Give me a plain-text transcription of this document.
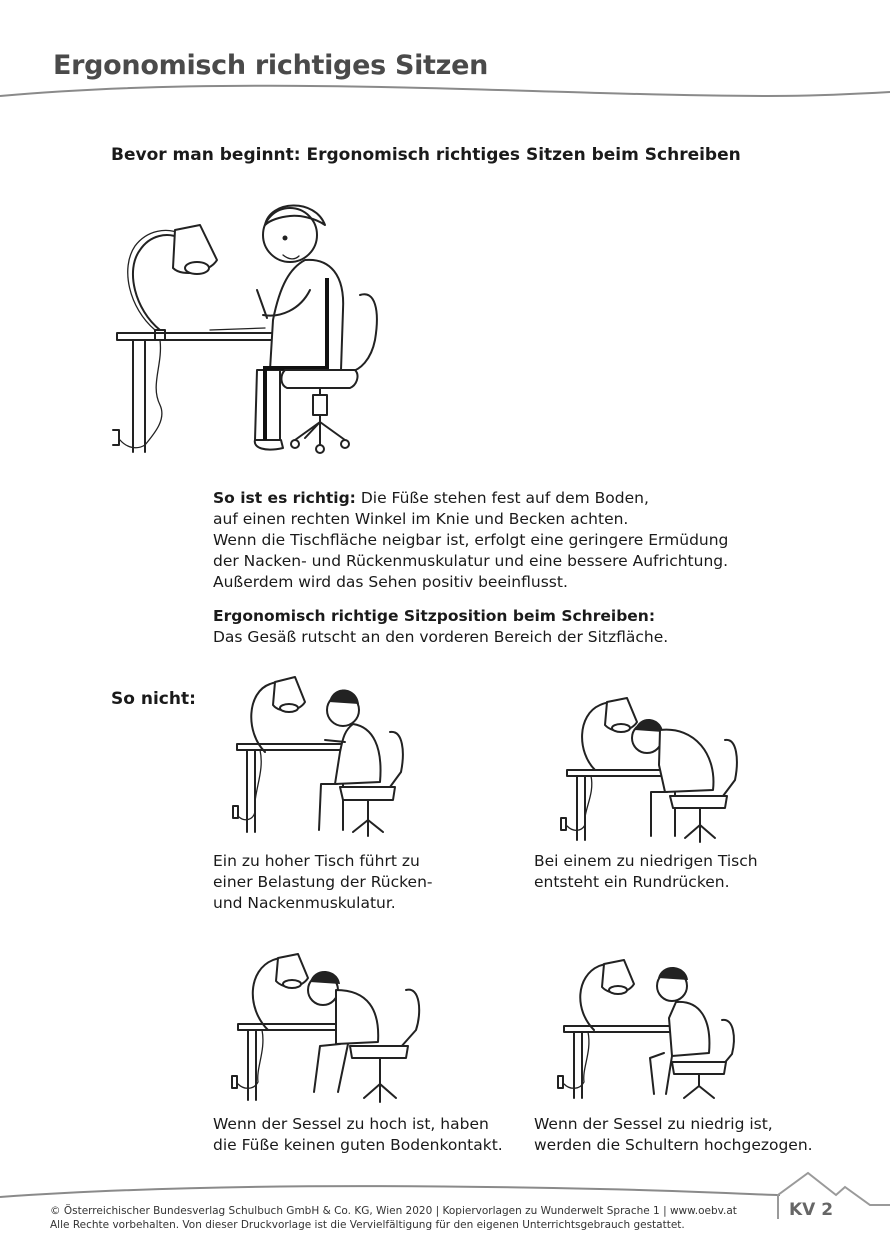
Ergonomisch richtiges Sitzen
Bevor man beginnt: Ergonomisch richtiges Sitzen beim Schreiben
So ist es richtig: Die Füße stehen fest auf dem Boden,
auf einen rechten Winkel im Knie und Becken achten.
Wenn die Tischfläche neigbar ist, erfolgt eine geringere Ermüdung
der Nacken- und Rückenmuskulatur und eine bessere Aufrichtung.
Außerdem wird das Sehen positiv beeinflusst.
Ergonomisch richtige Sitzposition beim Schreiben:
Das Gesäß rutscht an den vorderen Bereich der Sitzfläche.
So nicht:
Ein zu hoher Tisch führt zu
einer Belastung der Rücken-
und Nackenmuskulatur.
Bei einem zu niedrigen Tisch
entsteht ein Rundrücken.
Wenn der Sessel zu hoch ist, haben
die Füße keinen guten Bodenkontakt.
Wenn der Sessel zu niedrig ist,
werden die Schultern hochgezogen.
KV 2
© Österreichischer Bundesverlag Schulbuch GmbH & Co. KG, Wien 2020 | Kopiervorlagen zu Wunderwelt Sprache 1 | www.oebv.at
Alle Rechte vorbehalten. Von dieser Druckvorlage ist die Vervielfältigung für den eigenen Unterrichtsgebrauch gestattet.
